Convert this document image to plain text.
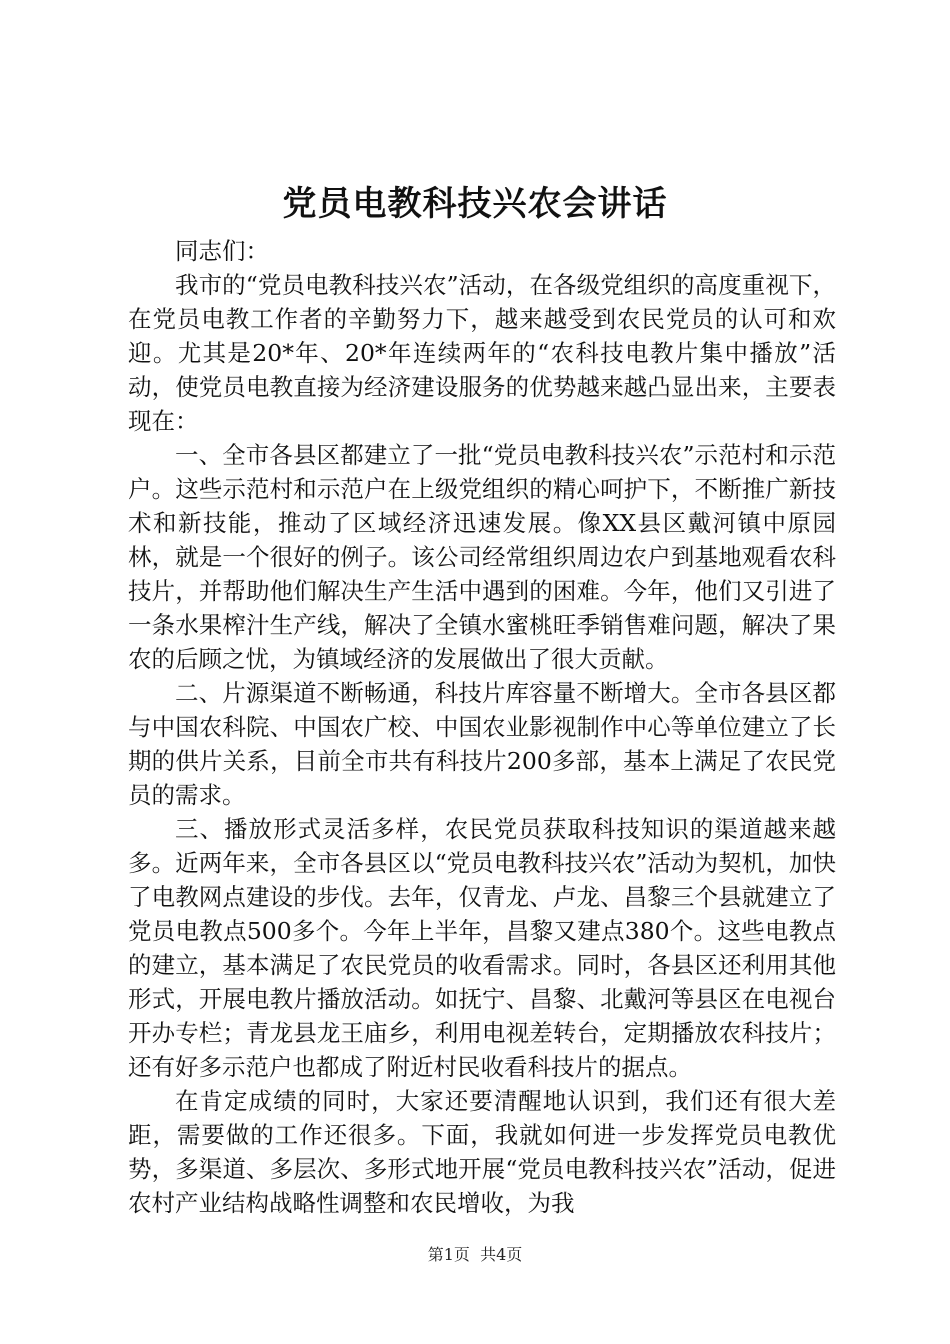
党员电教科技兴农会讲话

同志们：

我市的“党员电教科技兴农”活动，在各级党组织的高度重视下，在党员电教工作者的辛勤努力下，越来越受到农民党员的认可和欢迎。尤其是20*年、20*年连续两年的“农科技电教片集中播放”活动，使党员电教直接为经济建设服务的优势越来越凸显出来，主要表现在：

一、全市各县区都建立了一批“党员电教科技兴农”示范村和示范户。这些示范村和示范户在上级党组织的精心呵护下，不断推广新技术和新技能，推动了区域经济迅速发展。像XX县区戴河镇中原园林，就是一个很好的例子。该公司经常组织周边农户到基地观看农科技片，并帮助他们解决生产生活中遇到的困难。今年，他们又引进了一条水果榨汁生产线，解决了全镇水蜜桃旺季销售难问题，解决了果农的后顾之忧，为镇域经济的发展做出了很大贡献。

二、片源渠道不断畅通，科技片库容量不断增大。全市各县区都与中国农科院、中国农广校、中国农业影视制作中心等单位建立了长期的供片关系，目前全市共有科技片200多部，基本上满足了农民党员的需求。

三、播放形式灵活多样，农民党员获取科技知识的渠道越来越多。近两年来，全市各县区以“党员电教科技兴农”活动为契机，加快了电教网点建设的步伐。去年，仅青龙、卢龙、昌黎三个县就建立了党员电教点500多个。今年上半年，昌黎又建点380个。这些电教点的建立，基本满足了农民党员的收看需求。同时，各县区还利用其他形式，开展电教片播放活动。如抚宁、昌黎、北戴河等县区在电视台开办专栏；青龙县龙王庙乡，利用电视差转台，定期播放农科技片；还有好多示范户也都成了附近村民收看科技片的据点。

在肯定成绩的同时，大家还要清醒地认识到，我们还有很大差距，需要做的工作还很多。下面，我就如何进一步发挥党员电教优势，多渠道、多层次、多形式地开展“党员电教科技兴农”活动，促进农村产业结构战略性调整和农民增收，为我

第1页 共4页
